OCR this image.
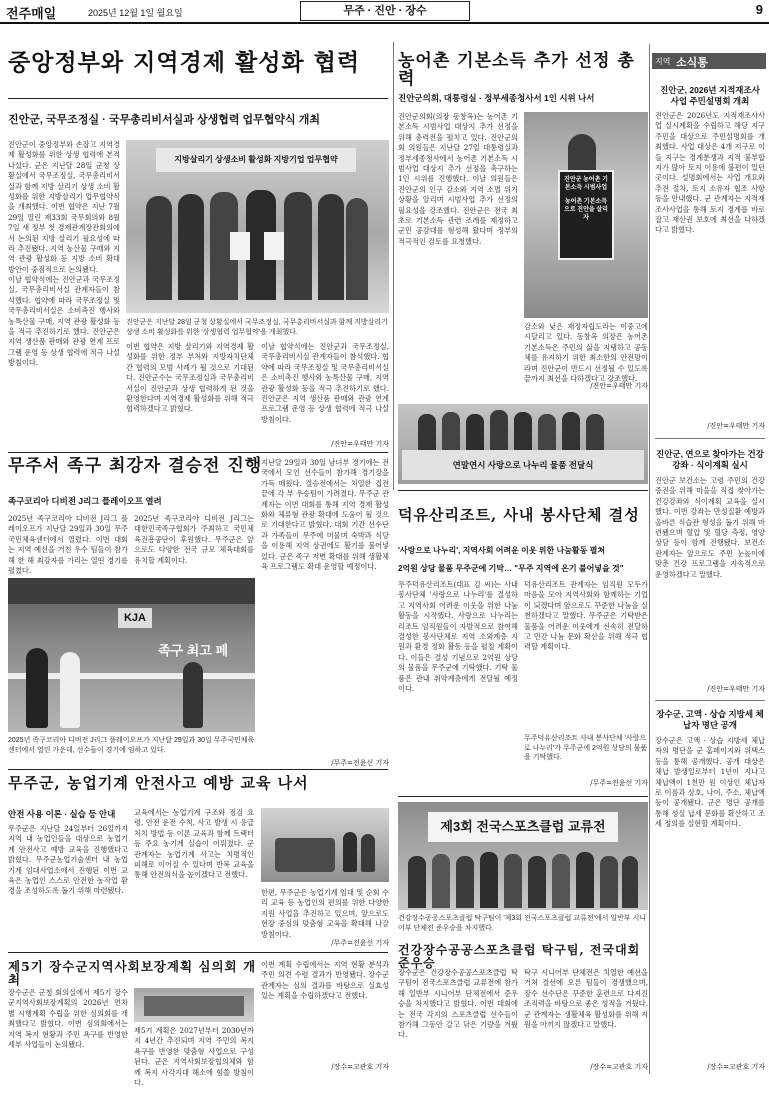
전주매일	2025년 12월 1일 월요일	무주 · 진안 · 장수	9
중앙정부와 지역경제 활성화 협력
진안군, 국무조정실 · 국무총리비서실과 상생협력 업무협약식 개최
진안군이 중앙정부와 손잡고 지역경제 활성화를 위한 상생 협력에 본격 나섰다. 군은 지난달 28일 군청 상황실에서 국무조정실, 국무총리비서실과 함께 지방 살리기 상생 소비 활성화를 위한 지방살리기 업무협약식을 개최했다. 이번 협약은 지난 7월 29일 열린 제33회 국무회의와 8월 7일 새 정부 첫 경제관계장관회의에서 논의된 지방 살리기 필요성에 따라 추진됐다. 지역 농산물 구매와 지역 관광 활성화 등 지방 소비 확대 방안이 중점적으로 논의됐다.
지방살리기 상생소비 활성화 지방기업 업무협약
진안군은 지난달 28일 군청 상황실에서 국무조정실, 국무총리비서실과 함께 지방살리기 상생 소비 활성화를 위한 '상생협력 업무협약'을 개최했다.
이날 협약식에는 진안군과 국무조정실, 국무총리비서실 관계자들이 참석했다. 협약에 따라 국무조정실 및 국무총리비서실은 소비촉진 행사와 농특산물 구매, 지역 관광 활성화 등을 적극 추진하기로 했다. 진안군은 지역 생산품 판매와 관광 연계 프로그램 운영 등 상생 협력에 적극 나설 방침이다.
이번 협약은 지방 살리기와 지역경제 활성화를 위한 정부 부처와 지방자치단체 간 협력의 모범 사례가 될 것으로 기대된다. 진안군수는 국무조정실과 국무총리비서실이 진안군과 상생 협력하게 된 것을 환영한다며 지역경제 활성화를 위해 적극 협력하겠다고 밝혔다.
이날 협약식에는 진안군과 국무조정실, 국무총리비서실 관계자들이 참석했다. 협약에 따라 국무조정실 및 국무총리비서실은 소비촉진 행사와 농특산물 구매, 지역 관광 활성화 등을 적극 추진하기로 했다. 진안군은 지역 생산품 판매와 관광 연계 프로그램 운영 등 상생 협력에 적극 나설 방침이다.
/진안=우태만 기자
농어촌 기본소득 추가 선정 총력
진안군의회, 대통령실 · 정부세종청사서 1인 시위 나서
진안군의회(의장 동창옥)는 농어촌 기본소득 시범사업 대상지 추가 선정을 위해 총력전을 펼치고 있다. 진안군의회 의원들은 지난달 27일 대통령실과 정부세종청사에서 농어촌 기본소득 시범사업 대상지 추가 선정을 촉구하는 1인 시위를 진행했다. 이날 의원들은 진안군의 인구 감소와 지역 소멸 위기 상황을 알리며 시범사업 추가 선정의 필요성을 강조했다. 진안군은 전국 최초로 기본소득 관련 조례를 제정하고 군민 공감대를 형성해 왔다며 정부의 적극적인 검토를 요청했다.
진안군 농어촌 기본소득 시범사업
농어촌 기본소득으로 진안을 살리자
감소와 낮은 재정자립도라는 이중고에 시달리고 있다. 동창옥 의장은 농어촌 기본소득은 주민의 삶을 지탱하고 공동체를 유지하기 위한 최소한의 안전망이라며 진안군이 반드시 선정될 수 있도록 끝까지 최선을 다하겠다고 강조했다.
/진안=우태만 기자
지역 소식통
진안군, 2026년 지적재조사 사업 주민설명회 개최
진안군은 2026년도 지적재조사사업 실시계획을 수립하고 해당 지구 주민을 대상으로 주민설명회를 개최했다. 사업 대상은 4개 지구로 이들 지구는 경계분쟁과 지적 불부합지가 많아 토지 이용에 불편이 있던 곳이다. 설명회에서는 사업 개요와 추진 절차, 토지 소유자 협조 사항 등을 안내했다. 군 관계자는 지적재조사사업을 통해 토지 경계를 바로잡고 재산권 보호에 최선을 다하겠다고 밝혔다.
/진안=우태만 기자
진안군, 연으로 찾아가는 건강강좌 · 식이계획 실시
진안군 보건소는 고령 주민의 건강 증진을 위해 마을을 직접 찾아가는 건강강좌와 식이계획 교육을 실시했다. 이번 강좌는 만성질환 예방과 올바른 식습관 형성을 돕기 위해 마련됐으며 혈압 및 혈당 측정, 영양 상담 등이 함께 진행됐다. 보건소 관계자는 앞으로도 주민 눈높이에 맞춘 건강 프로그램을 지속적으로 운영하겠다고 말했다.
/진안=우태만 기자
장수군, 고액 · 상습 지방세 체납자 명단 공개
장수군은 고액 · 상습 지방세 체납자의 명단을 군 홈페이지와 위택스 등을 통해 공개했다. 공개 대상은 체납 발생일로부터 1년이 지나고 체납액이 1천만 원 이상인 체납자로 이름과 상호, 나이, 주소, 체납액 등이 공개됐다. 군은 명단 공개를 통해 성실 납세 문화를 확산하고 조세 정의를 실현할 계획이다.
/장수=고관호 기자
무주서 족구 최강자 결승전 진행
족구코리아 디비전 J리그 플레이오프 열려
2025년 족구코리아 디비전 J리그 플레이오프가 지난달 29일과 30일 무주 국민체육센터에서 열렸다. 이번 대회는 지역 예선을 거친 우수 팀들이 참가해 한 해 최강자를 가리는 열띤 경기를 펼쳤다.
2025년 족구코리아 디비전 J리그는 대한민국족구협회가 주최하고 국민체육진흥공단이 후원했다. 무주군은 앞으로도 다양한 전국 규모 체육대회를 유치할 계획이다.
지난달 29일과 30일 남녀부 경기에는 전국에서 모인 선수들이 참가해 경기장을 가득 메웠다. 결승전에서는 치열한 접전 끝에 각 부 우승팀이 가려졌다. 무주군 관계자는 이번 대회를 통해 지역 경제 활성화와 체류형 관광 확대에 도움이 될 것으로 기대한다고 밝혔다. 대회 기간 선수단과 가족들이 무주에 머물며 숙박과 식당을 이용해 지역 상권에도 활기를 불어넣었다. 군은 족구 저변 확대를 위해 생활체육 프로그램도 확대 운영할 예정이다.
KJA
족구 최고 페
2025년 족구코리아 디비전 J리그 플레이오프가 지난달 29일과 30일 무주국민체육센터에서 열린 가운데, 선수들이 경기에 임하고 있다.
/무주=전윤선 기자
연말연시 사랑으로 나누리 물품 전달식
덕유산리조트, 사내 봉사단체 결성
'사랑으로 나누리', 지역사회 어려운 이웃 위한 나눔활동 펼쳐
2억원 상당 물품 무주군에 기탁… "무주 지역에 온기 불어넣을 것"
무주덕유산리조트(대표 김 씨)는 사내 봉사단체 '사랑으로 나누리'를 결성하고 지역사회 어려운 이웃을 위한 나눔 활동을 시작했다. 사랑으로 나누리는 리조트 임직원들이 자발적으로 참여해 결성한 봉사단체로 지역 소외계층 지원과 환경 정화 활동 등을 펼칠 계획이다. 이들은 결성 기념으로 2억원 상당의 물품을 무주군에 기탁했다. 기탁 물품은 관내 취약계층에게 전달될 예정이다.
덕유산리조트 관계자는 임직원 모두가 마음을 모아 지역사회와 함께하는 기업이 되겠다며 앞으로도 꾸준한 나눔을 실천하겠다고 말했다. 무주군은 기탁받은 물품을 어려운 이웃에게 신속히 전달하고 민간 나눔 문화 확산을 위해 적극 협력할 계획이다.
무주덕유산리조트 사내 봉사단체 '사랑으로 나누리'가 무주군에 2억원 상당의 물품을 기탁했다.
/무주=전윤선 기자
무주군, 농업기계 안전사고 예방 교육 나서
안전 사용 이론 · 실습 등 안내
무주군은 지난달 24일부터 26일까지 지역 내 농업인들을 대상으로 농업기계 안전사고 예방 교육을 진행했다고 밝혔다. 무주군농업기술센터 내 농업기계 임대사업소에서 진행된 이번 교육은 농업인 스스로 안전한 농작업 환경을 조성하도록 돕기 위해 마련됐다.
교육에서는 농업기계 구조와 점검 요령, 안전 운전 수칙, 사고 발생 시 응급처치 방법 등 이론 교육과 함께 트랙터 등 주요 농기계 실습이 이뤄졌다. 군 관계자는 농업기계 사고는 치명적인 피해로 이어질 수 있다며 반복 교육을 통해 안전의식을 높이겠다고 전했다.
한편, 무주군은 농업기계 임대 및 순회 수리 교육 등 농업인의 편의를 위한 다양한 지원 사업을 추진하고 있으며, 앞으로도 현장 중심의 맞춤형 교육을 확대해 나갈 방침이다.
/무주=전윤선 기자
제3회 전국스포츠클럽 교류전
건강장수공공스포츠클럽 탁구팀이 '제3회 전국스포츠클럽 교류전'에서 일반부 시니어부 단체전 준우승을 차지했다.
건강장수공공스포츠클럽 탁구팀, 전국대회 준우승
장수군은 건강장수공공스포츠클럽 탁구팀이 전국스포츠클럽 교류전에 참가해 일반부 시니어부 단체전에서 준우승을 차지했다고 밝혔다. 이번 대회에는 전국 각지의 스포츠클럽 선수들이 참가해 그동안 갈고 닦은 기량을 겨뤘다.
탁구 시니어부 단체전은 치열한 예선을 거쳐 결선에 오른 팀들이 경쟁했으며, 장수 선수단은 꾸준한 훈련으로 다져진 조직력을 바탕으로 좋은 성적을 거뒀다. 군 관계자는 생활체육 활성화를 위해 지원을 아끼지 않겠다고 말했다.
/장수=고관호 기자
제5기 장수군지역사회보장계획 심의회 개최
장수군은 군청 회의실에서 제5기 장수군지역사회보장계획의 2026년 연차별 시행계획 수립을 위한 심의회를 개최했다고 밝혔다. 이번 심의회에서는 지역 복지 현황과 주민 욕구를 반영한 세부 사업들이 논의됐다.
제5기 계획은 2027년부터 2030년까지 4년간 추진되며 지역 주민의 복지 욕구를 반영한 맞춤형 사업으로 구성된다. 군은 지역사회보장협의체와 함께 복지 사각지대 해소에 힘쓸 방침이다.
이번 계획 수립에서는 지역 현황 분석과 주민 의견 수렴 결과가 반영됐다. 장수군 관계자는 심의 결과를 바탕으로 실효성 있는 계획을 수립하겠다고 전했다.
/장수=고관호 기자
